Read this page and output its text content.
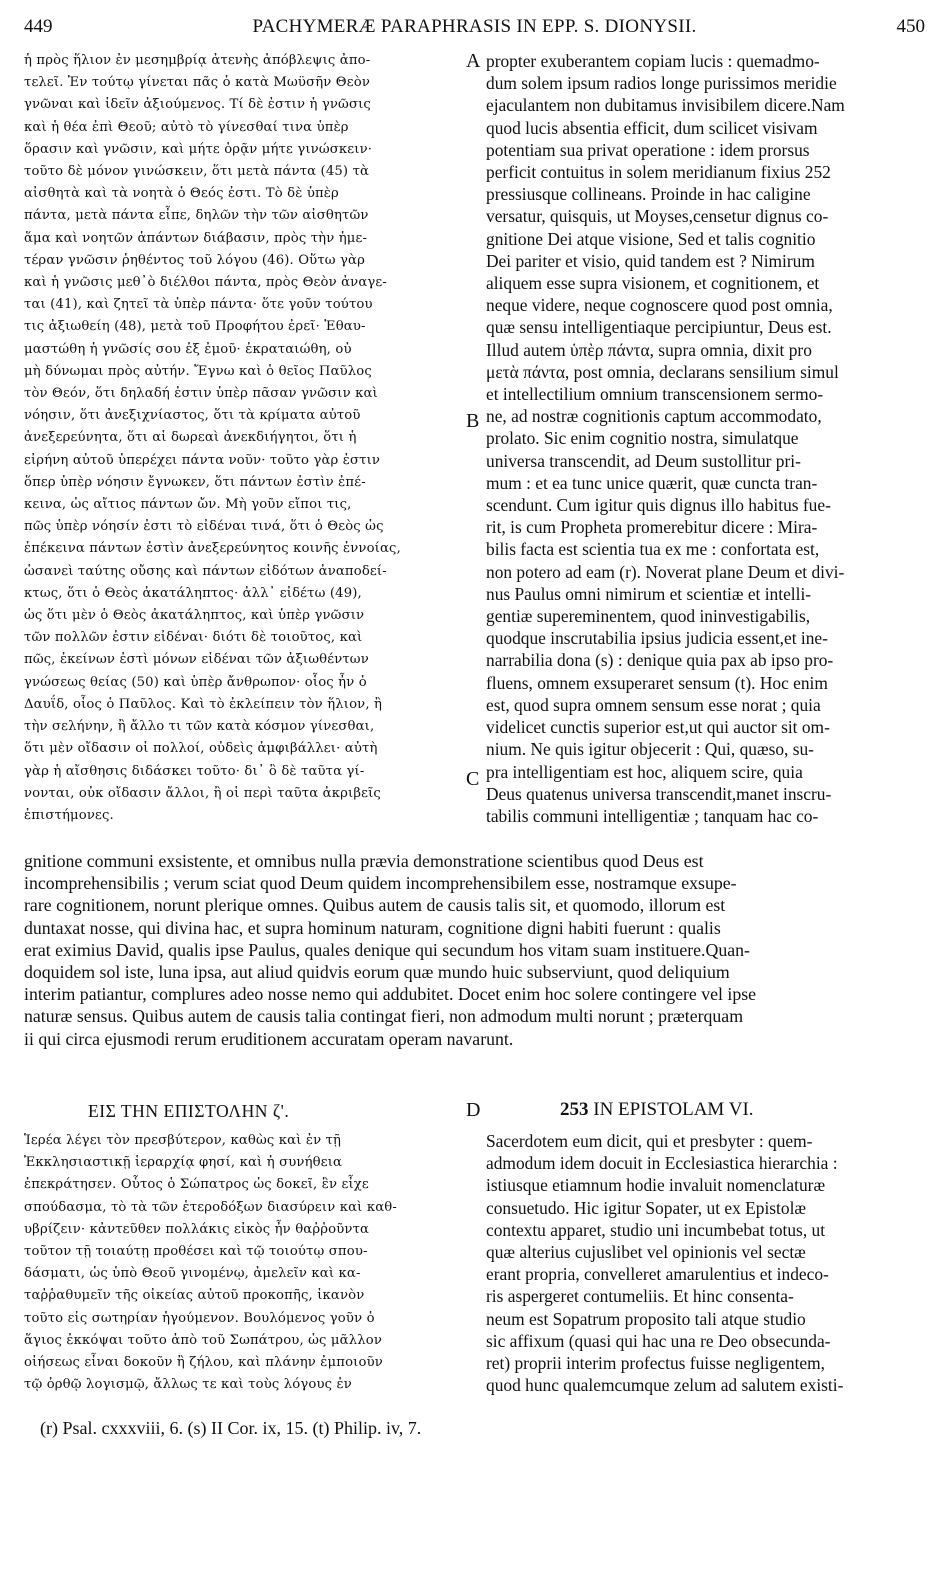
449	PACHYMERÆ PARAPHRASIS IN EPP. S. DIONYSII.	450
ἡ πρὸς ἥλιον ἐν μεσημβρίᾳ ἀτενὴς ἀπόβλεψις ἀπο-
τελεῖ. Ἐν τούτῳ γίνεται πᾶς ὁ κατὰ Μωϋσῆν Θεὸν
γνῶναι καὶ ἰδεῖν ἀξιούμενος. Τί δὲ ἐστιν ἡ γνῶσις
καὶ ἡ θέα ἐπὶ Θεοῦ; αὐτὸ τὸ γίνεσθαί τινα ὑπὲρ
ὅρασιν καὶ γνῶσιν, καὶ μήτε ὁρᾷν μήτε γινώσκειν·
τοῦτο δὲ μόνον γινώσκειν, ὅτι μετὰ πάντα (45) τὰ
αἰσθητὰ καὶ τὰ νοητὰ ὁ Θεός ἐστι. Τὸ δὲ ὑπὲρ
πάντα, μετὰ πάντα εἶπε, δηλῶν τὴν τῶν αἰσθητῶν
ἅμα καὶ νοητῶν ἁπάντων διάβασιν, πρὸς τὴν ἡμε-
τέραν γνῶσιν ῥηθέντος τοῦ λόγου (46). Οὕτω γὰρ
καὶ ἡ γνῶσις μεθ᾽ὸ διέλθοι πάντα, πρὸς Θεὸν ἀναγε-
ται (41), καὶ ζητεῖ τὰ ὑπὲρ πάντα· ὅτε γοῦν τούτου
τις ἀξιωθείη (48), μετὰ τοῦ Προφήτου ἐρεῖ· Ἐθαυ-
μαστώθη ἡ γνῶσίς σου ἐξ ἐμοῦ· ἐκραταιώθη, οὐ
μὴ δύνωμαι πρὸς αὐτήν. Ἔγνω καὶ ὁ θεῖος Παῦλος
τὸν Θεόν, ὅτι δηλαδή ἐστιν ὑπὲρ πᾶσαν γνῶσιν καὶ
νόησιν, ὅτι ἀνεξιχνίαστος, ὅτι τὰ κρίματα αὐτοῦ
ἀνεξερεύνητα, ὅτι αἱ δωρεαὶ ἀνεκδιήγητοι, ὅτι ἡ
εἰρήνη αὐτοῦ ὑπερέχει πάντα νοῦν· τοῦτο γὰρ ἐστιν
ὅπερ ὑπὲρ νόησιν ἔγνωκεν, ὅτι πάντων ἐστὶν ἐπέ-
κεινα, ὡς αἴτιος πάντων ὤν. Μὴ γοῦν εἴποι τις,
πῶς ὑπὲρ νόησίν ἐστι τὸ εἰδέναι τινά, ὅτι ὁ Θεὸς ὡς
ἐπέκεινα πάντων ἐστὶν ἀνεξερεύνητος κοινῆς ἐννοίας,
ὡσανεὶ ταύτης οὔσης καὶ πάντων εἰδότων ἀναποδεί-
κτως, ὅτι ὁ Θεὸς ἀκατάληπτος· ἀλλ᾽ εἰδέτω (49),
ὡς ὅτι μὲν ὁ Θεὸς ἀκατάληπτος, καὶ ὑπὲρ γνῶσιν
τῶν πολλῶν ἐστιν εἰδέναι· διότι δὲ τοιοῦτος, καὶ
πῶς, ἐκείνων ἐστὶ μόνων εἰδέναι τῶν ἀξιωθέντων
γνώσεως θείας (50) καὶ ὑπὲρ ἄνθρωπον· οἷος ἦν ὁ
Δαυΐδ, οἷος ὁ Παῦλος. Καὶ τὸ ἐκλείπειν τὸν ἥλιον, ἢ
τὴν σελήνην, ἢ ἄλλο τι τῶν κατὰ κόσμον γίνεσθαι,
ὅτι μὲν οἴδασιν οἱ πολλοί, οὐδεὶς ἀμφιβάλλει· αὐτὴ
γὰρ ἡ αἴσθησις διδάσκει τοῦτο· δι᾽ ὃ δὲ ταῦτα γί-
νονται, οὐκ οἴδασιν ἄλλοι, ἢ οἱ περὶ ταῦτα ἀκριβεῖς
ἐπιστήμονες.
propter exuberantem copiam lucis : quemadmo-
dum solem ipsum radios longe purissimos meridie
ejaculantem non dubitamus invisibilem dicere.Nam
quod lucis absentia efficit, dum scilicet visivam
potentiam sua privat operatione : idem prorsus
perficit contuitus in solem meridianum fixius 252
pressiusque collineans. Proinde in hac caligine
versatur, quisquis, ut Moyses,censetur dignus co-
gnitione Dei atque visione, Sed et talis cognitio
Dei pariter et visio, quid tandem est ? Nimirum
aliquem esse supra visionem, et cognitionem, et
neque videre, neque cognoscere quod post omnia,
quæ sensu intelligentiaque percipiuntur, Deus est.
Illud autem ὑπὲρ πάντα, supra omnia, dixit pro
μετὰ πάντα, post omnia, declarans sensilium simul
et intellectilium omnium transcensionem sermo-
ne, ad nostræ cognitionis captum accommodato,
prolato. Sic enim cognitio nostra, simulatque
universa transcendit, ad Deum sustollitur pri-
mum : et ea tunc unice quærit, quæ cuncta tran-
scendunt. Cum igitur quis dignus illo habitus fue-
rit, is cum Propheta promerebitur dicere : Mira-
bilis facta est scientia tua ex me : confortata est,
non potero ad eam (r). Noverat plane Deum et divi-
nus Paulus omni nimirum et scientiæ et intelli-
gentiæ supereminentem, quod ininvestigabilis,
quodque inscrutabilia ipsius judicia essent,et ine-
narrabilia dona (s) : denique quia pax ab ipso pro-
fluens, omnem exsuperaret sensum (t). Hoc enim
est, quod supra omnem sensum esse norat ; quia
videlicet cunctis superior est,ut qui auctor sit om-
nium. Ne quis igitur objecerit : Qui, quæso, su-
pra intelligentiam est hoc, aliquem scire, quia
Deus quatenus universa transcendit,manet inscru-
tabilis communi intelligentiæ ; tanquam hac co-
A
B
C
gnitione communi exsistente, et omnibus nulla prævia demonstratione scientibus quod Deus est
incomprehensibilis ; verum sciat quod Deum quidem incomprehensibilem esse, nostramque exsupe-
rare cognitionem, norunt plerique omnes. Quibus autem de causis talis sit, et quomodo, illorum est
duntaxat nosse, qui divina hac, et supra hominum naturam, cognitione digni habiti fuerunt : qualis
erat eximius David, qualis ipse Paulus, quales denique qui secundum hos vitam suam instituere.Quan-
doquidem sol iste, luna ipsa, aut aliud quidvis eorum quæ mundo huic subserviunt, quod deliquium
interim patiantur, complures adeo nosse nemo qui addubitet. Docet enim hoc solere contingere vel ipse
naturæ sensus. Quibus autem de causis talia contingat fieri, non admodum multi norunt ; præterquam
ii qui circa ejusmodi rerum eruditionem accuratam operam navarunt.
ΕΙΣ ΤΗΝ ΕΠΙΣΤΟΛΗΝ ζ'.	D	253 IN EPISTOLAM VI.
Ἱερέα λέγει τὸν πρεσβύτερον, καθὼς καὶ ἐν τῇ
Ἐκκλησιαστικῇ ἱεραρχίᾳ φησί, καὶ ἡ συνήθεια
ἐπεκράτησεν. Οὗτος ὁ Σώπατρος ὡς δοκεῖ, ἓν εἶχε
σπούδασμα, τὸ τὰ τῶν ἑτεροδόξων διασύρειν καὶ καθ-
υβρίζειν· κἀντεῦθεν πολλάκις εἰκὸς ἦν θαῤῥοῦντα
τοῦτον τῇ τοιαύτῃ προθέσει καὶ τῷ τοιούτῳ σπου-
δάσματι, ὡς ὑπὸ Θεοῦ γινομένῳ, ἀμελεῖν καὶ κα-
ταῤῥαθυμεῖν τῆς οἰκείας αὐτοῦ προκοπῆς, ἱκανὸν
τοῦτο εἰς σωτηρίαν ἡγούμενον. Βουλόμενος γοῦν ὁ
ἅγιος ἐκκόψαι τοῦτο ἀπὸ τοῦ Σωπάτρου, ὡς μᾶλλον
οἰήσεως εἶναι δοκοῦν ἢ ζήλου, καὶ πλάνην ἐμποιοῦν
τῷ ὀρθῷ λογισμῷ, ἄλλως τε καὶ τοὺς λόγους ἐν
Sacerdotem eum dicit, qui et presbyter : quem-
admodum idem docuit in Ecclesiastica hierarchia :
istiusque etiamnum hodie invaluit nomenclaturæ
consuetudo. Hic igitur Sopater, ut ex Epistolæ
contextu apparet, studio uni incumbebat totus, ut
quæ alterius cujuslibet vel opinionis vel sectæ
erant propria, convelleret amarulentius et indeco-
ris aspergeret contumeliis. Et hinc consenta-
neum est Sopatrum proposito tali atque studio
sic affixum (quasi qui hac una re Deo obsecunda-
ret) proprii interim profectus fuisse negligentem,
quod hunc qualemcumque zelum ad salutem existi-
(r) Psal. cxxxviii, 6. (s) II Cor. ix, 15. (t) Philip. iv, 7.
